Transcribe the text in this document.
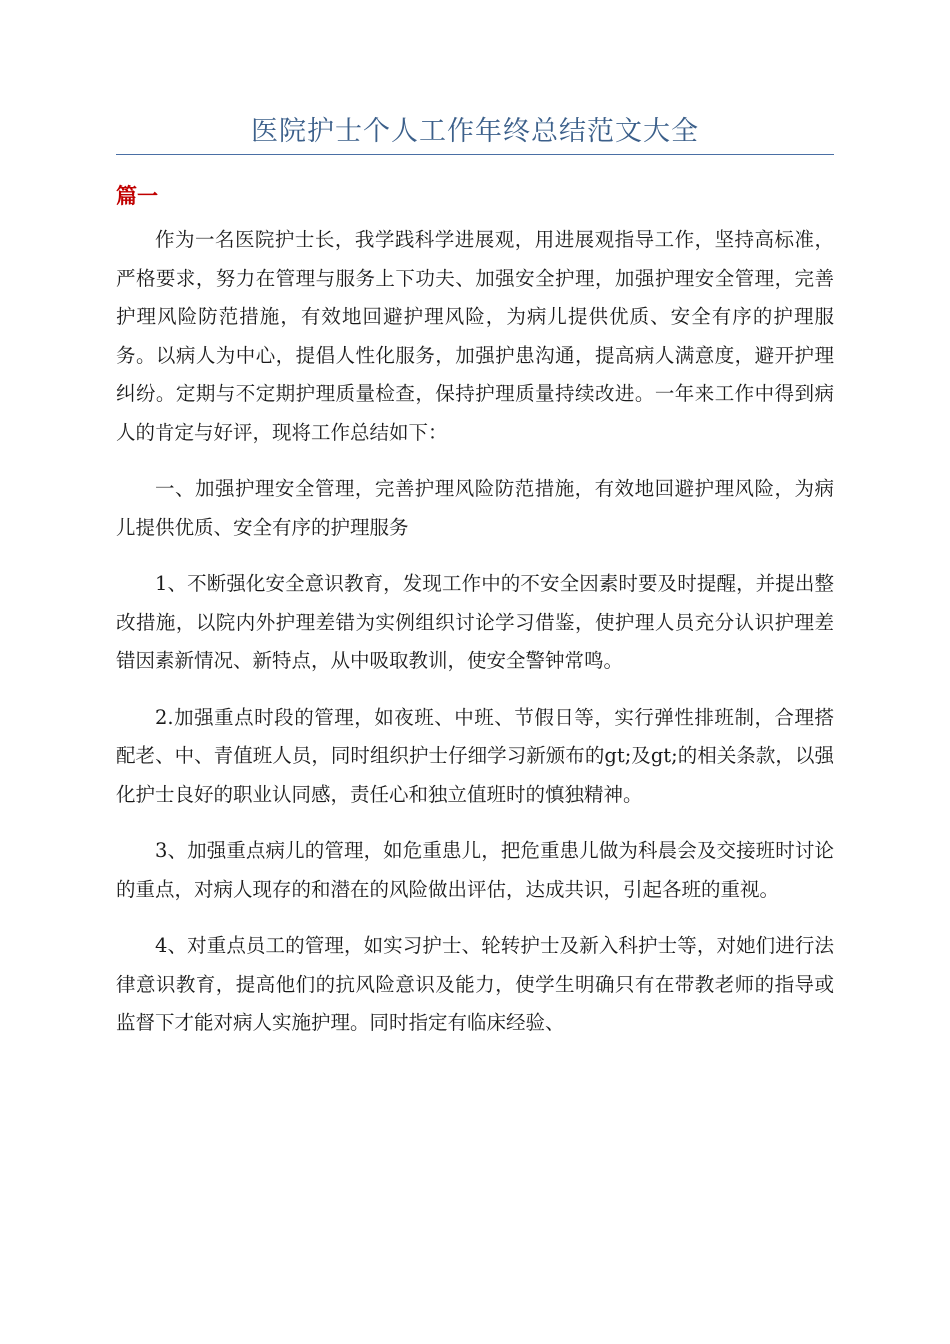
医院护士个人工作年终总结范文大全
篇一

作为一名医院护士长，我学践科学进展观，用进展观指导工作，坚持高标准，严格要求，努力在管理与服务上下功夫、加强安全护理，加强护理安全管理，完善护理风险防范措施，有效地回避护理风险，为病儿提供优质、安全有序的护理服务。以病人为中心，提倡人性化服务，加强护患沟通，提高病人满意度，避开护理纠纷。定期与不定期护理质量检查，保持护理质量持续改进。一年来工作中得到病人的肯定与好评，现将工作总结如下：

一、加强护理安全管理，完善护理风险防范措施，有效地回避护理风险，为病儿提供优质、安全有序的护理服务

1、不断强化安全意识教育，发现工作中的不安全因素时要及时提醒，并提出整改措施，以院内外护理差错为实例组织讨论学习借鉴，使护理人员充分认识护理差错因素新情况、新特点，从中吸取教训，使安全警钟常鸣。

2.加强重点时段的管理，如夜班、中班、节假日等，实行弹性排班制，合理搭配老、中、青值班人员，同时组织护士仔细学习新颁布的gt;及gt;的相关条款，以强化护士良好的职业认同感，责任心和独立值班时的慎独精神。

3、加强重点病儿的管理，如危重患儿，把危重患儿做为科晨会及交接班时讨论的重点，对病人现存的和潜在的风险做出评估，达成共识，引起各班的重视。

4、对重点员工的管理，如实习护士、轮转护士及新入科护士等，对她们进行法律意识教育，提高他们的抗风险意识及能力，使学生明确只有在带教老师的指导或监督下才能对病人实施护理。同时指定有临床经验、
